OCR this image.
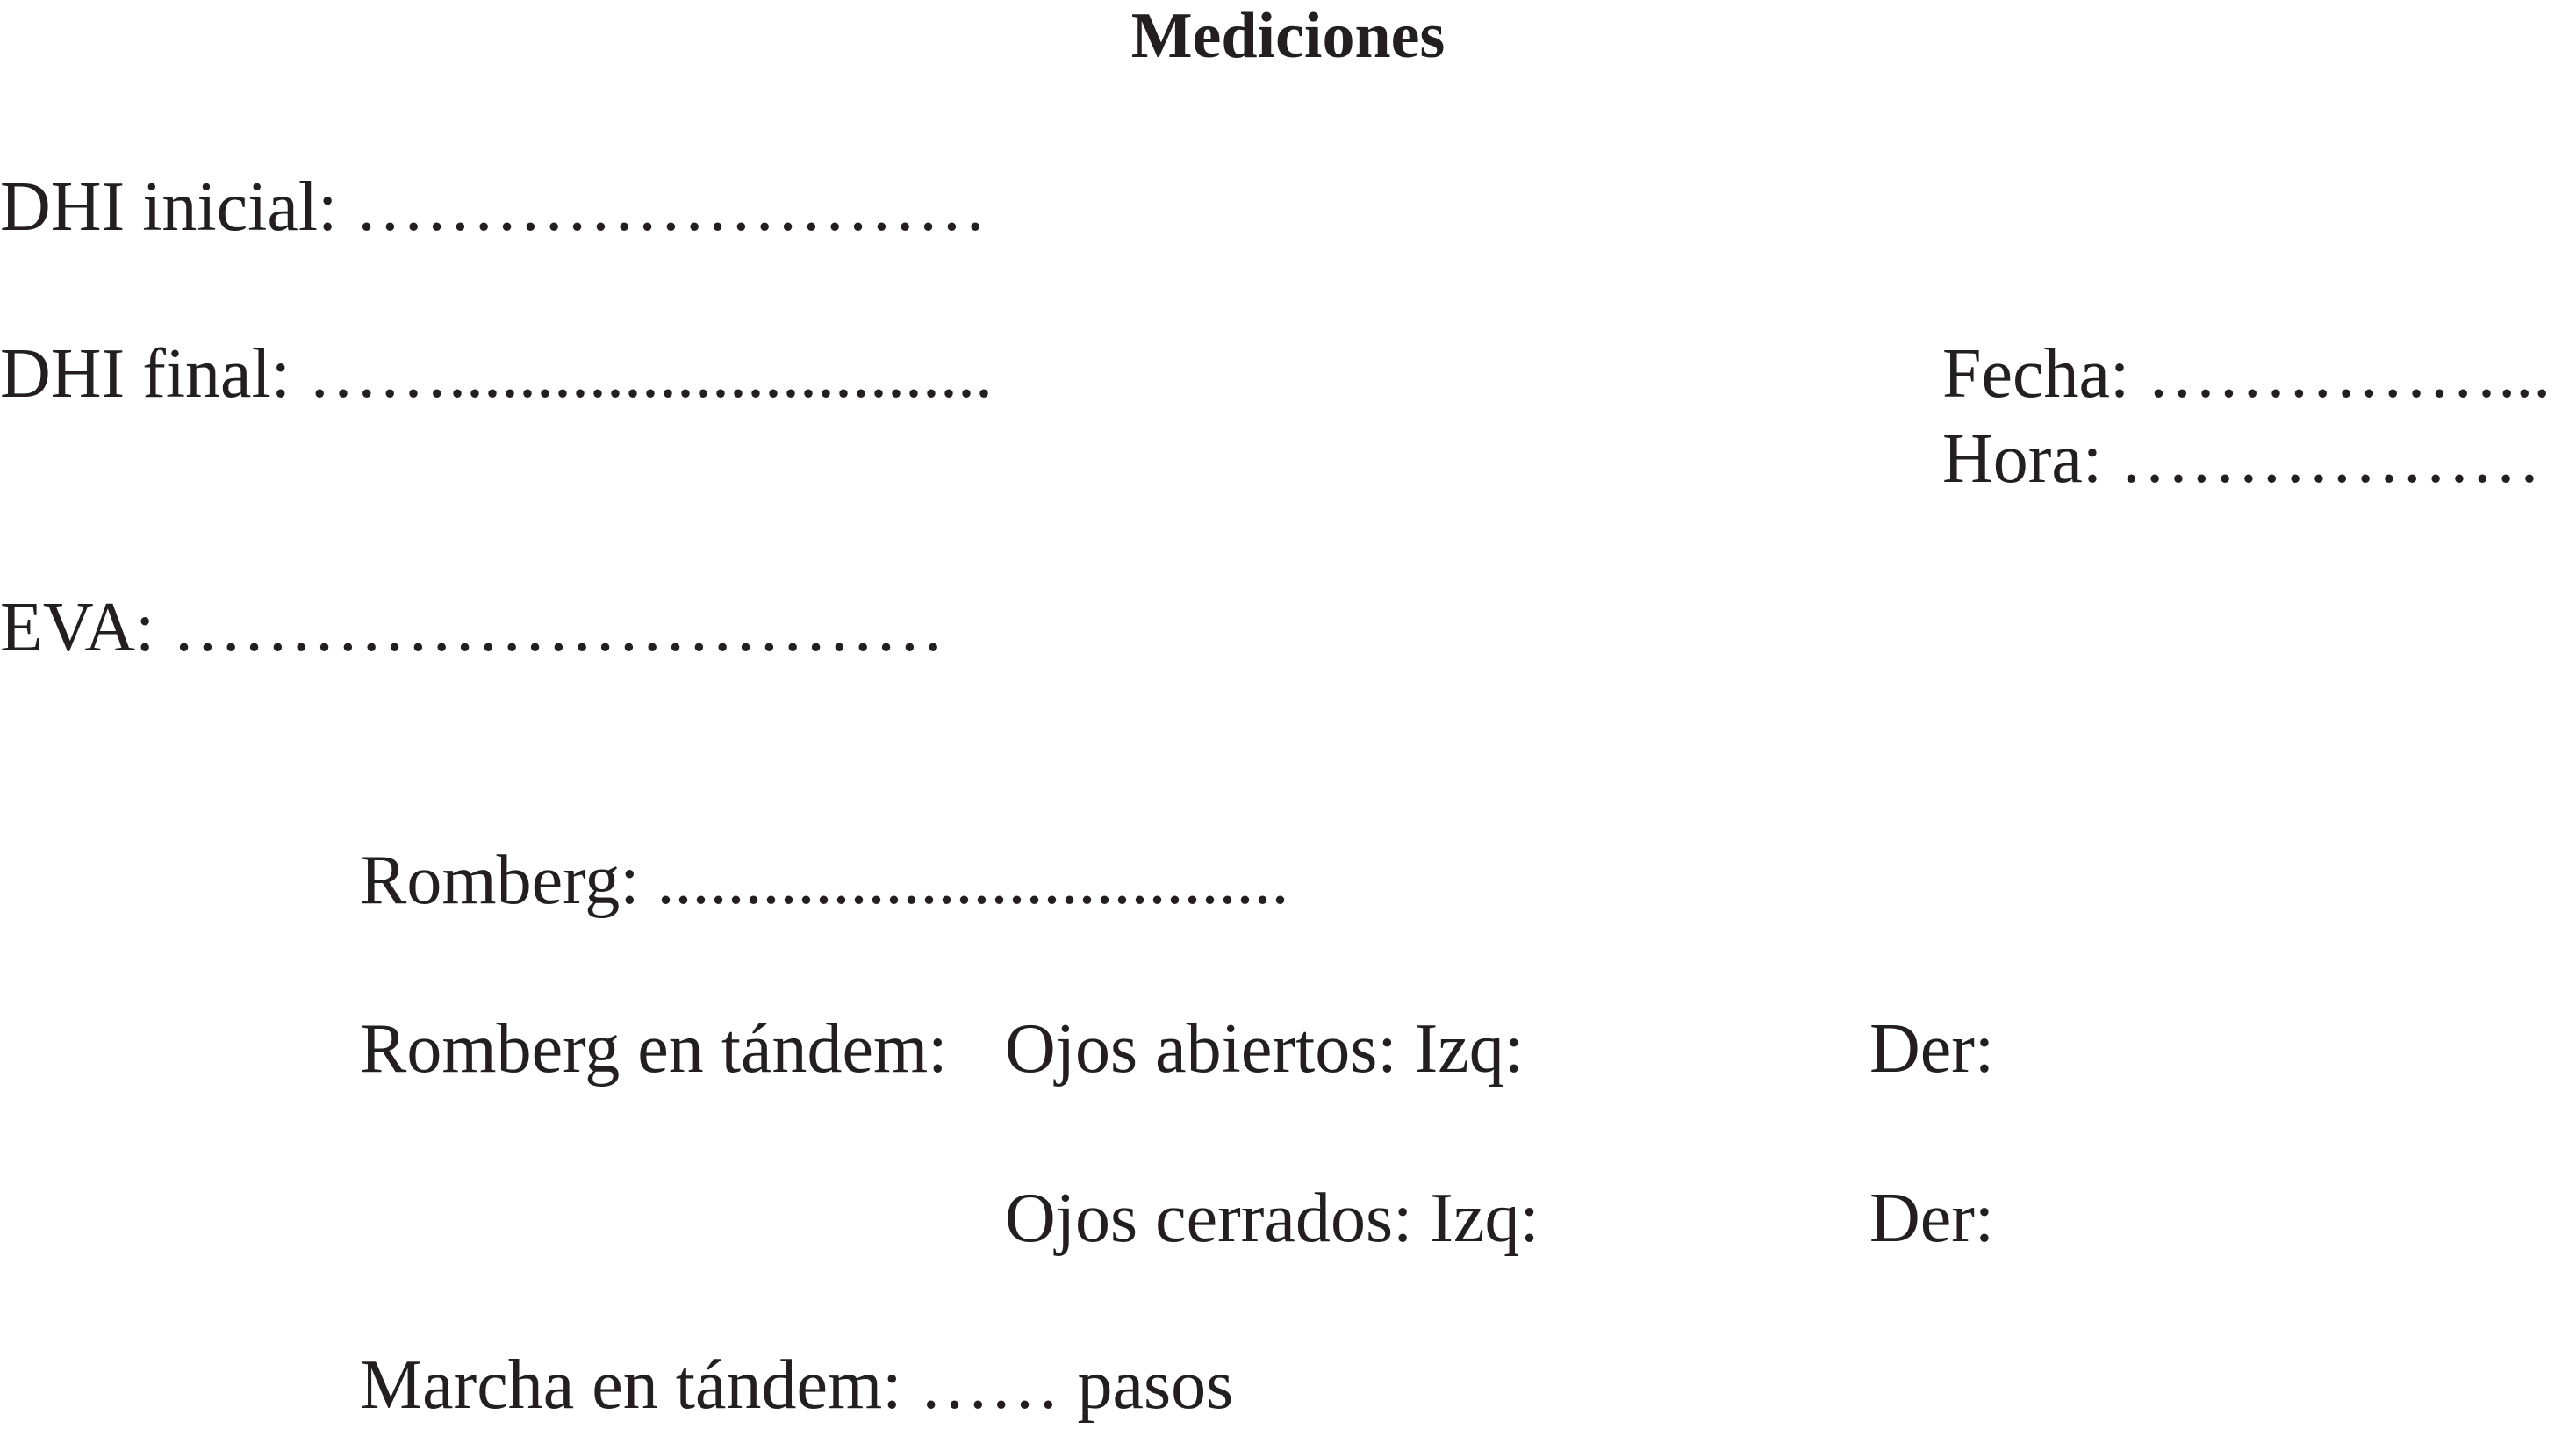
Mediciones
DHI inicial: ………………………
DHI final: ……...............................	Fecha: ……………...
Hora: ………………
EVA: ……………………………
Romberg: ....................................
Romberg en tándem: Ojos abiertos: Izq:	Der:
Ojos cerrados: Izq:	Der:
Marcha en tándem: …… pasos
